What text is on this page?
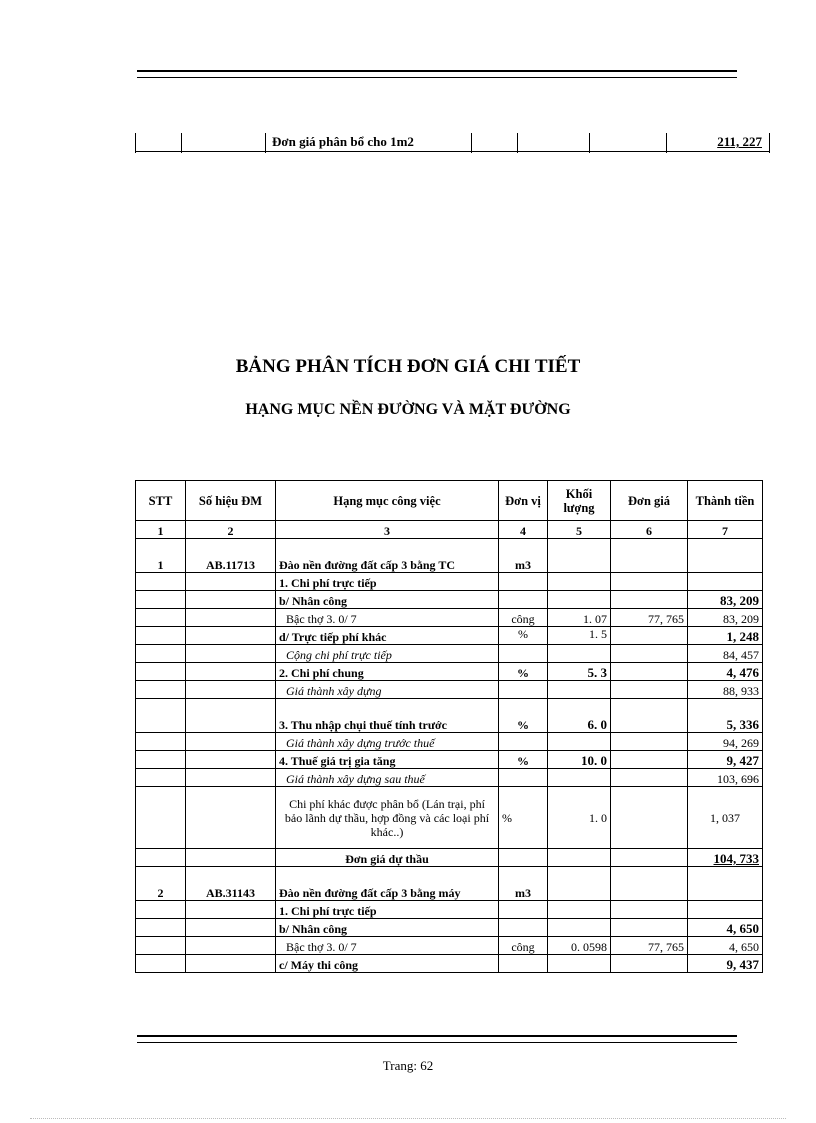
Đơn giá phân bổ cho 1m2	211, 227
BẢNG PHÂN TÍCH ĐƠN GIÁ CHI TIẾT
HẠNG MỤC NỀN ĐƯỜNG VÀ MẶT ĐƯỜNG
STT	Số hiệu ĐM	Hạng mục công việc	Đơn vị	Khối lượng	Đơn giá	Thành tiền
1	2	3	4	5	6	7
1	AB.11713	Đào nền đường đất cấp 3 bằng TC	m3			
		1. Chi phí trực tiếp				
		b/ Nhân công				83, 209
		Bậc thợ 3. 0/ 7	công	1. 07	77, 765	83, 209
		d/ Trực tiếp phí khác	%	1. 5		1, 248
		Cộng chi phí trực tiếp				84, 457
		2. Chi phí chung	%	5. 3		4, 476
		Giá thành xây dựng				88, 933
		3. Thu nhập chụi thuế tính trước	%	6. 0		5, 336
		Giá thành xây dựng trước thuế				94, 269
		4. Thuế giá trị gia tăng	%	10. 0		9, 427
		Giá thành xây dựng sau thuế				103, 696
		Chi phí khác được phân bổ (Lán trại, phí bảo lãnh dự thầu, hợp đồng và các loại phí khác..)	%	1. 0		1, 037
		Đơn giá dự thầu				104, 733
2	AB.31143	Đào nền đường đất cấp 3 bằng máy	m3			
		1. Chi phí trực tiếp				
		b/ Nhân công				4, 650
		Bậc thợ 3. 0/ 7	công	0. 0598	77, 765	4, 650
		c/ Máy thi công				9, 437
Trang: 62
